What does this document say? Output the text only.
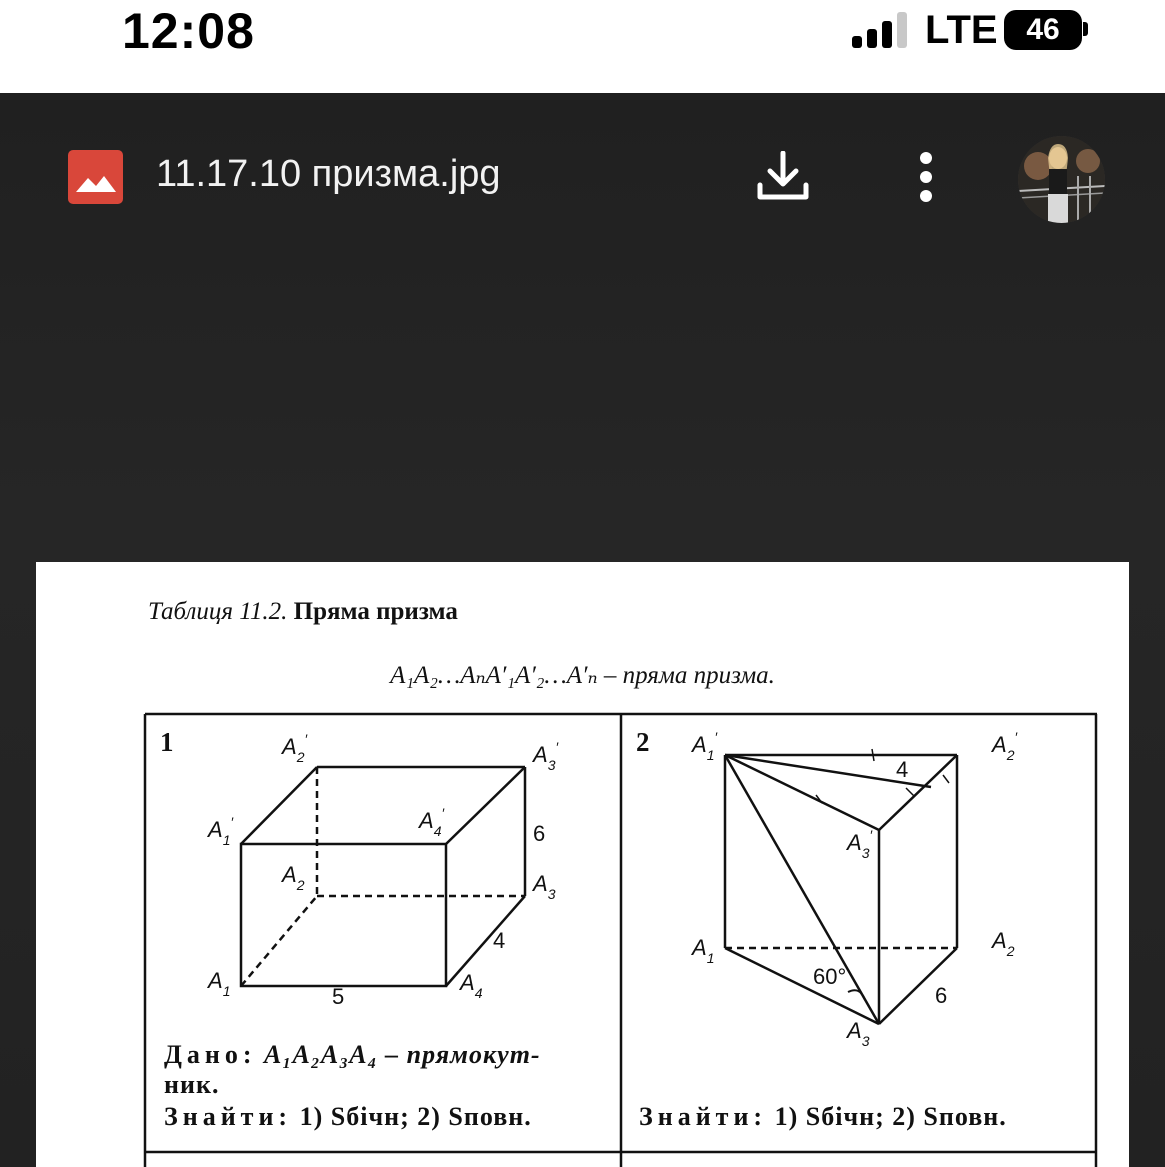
12:08	LTE 46
11.17.10 призма.jpg
Таблиця 11.2. Пряма призма
A₁A₂…AₙA′₁A′₂…A′ₙ – пряма призма.
$A_2'$
$A_3'$
$A_1'$	$A_4'$
6
$A_2$	$A_3$
4
$A_1$	$A_4$
5
$A_1'$	$A_2'$
4
$A_3'$
$A_1$
$A_2$
60°
6
$A_3$
1	2
Дано: A₁A₂A₃A₄ – прямокут-
ник.
Знайти: 1) Sбічн; 2) Sповн.	Знайти: 1) Sбічн; 2) Sповн.
